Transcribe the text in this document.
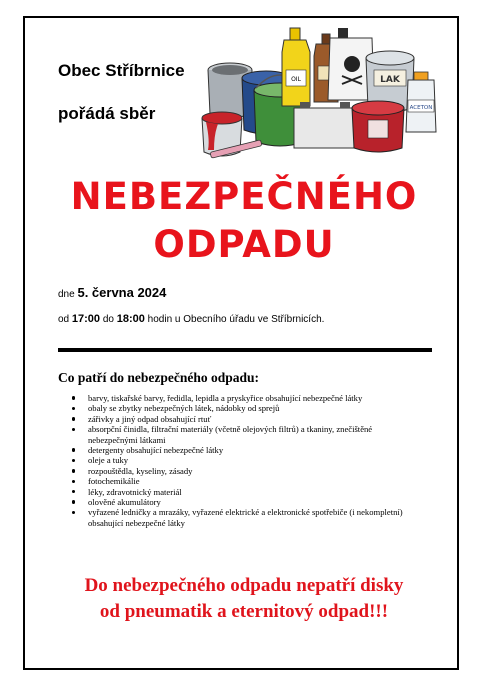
Obec Stříbrnice
pořádá sběr
OIL	LAK
ACETON
NEBEZPEČNÉHO
ODPADU
dne 5. června 2024
od 17:00 do 18:00 hodin u Obecního úřadu ve Stříbrnicích.
Co patří do nebezpečného odpadu:
barvy, tiskařské barvy, ředidla, lepidla a pryskyřice obsahující nebezpečné látky
obaly se zbytky nebezpečných látek, nádobky od sprejů
zářivky a jiný odpad obsahující rtuť
absorpční činidla, filtrační materiály (včetně olejových filtrů) a tkaniny, znečištěné nebezpečnými látkami
detergenty obsahující nebezpečné látky
oleje a tuky
rozpouštědla, kyseliny, zásady
fotochemikálie
léky, zdravotnický materiál
olověné akumulátory
vyřazené ledničky a mrazáky, vyřazené elektrické a elektronické spotřebiče (i nekompletní) obsahující nebezpečné látky
Do nebezpečného odpadu nepatří disky
od pneumatik a eternitový odpad!!!
